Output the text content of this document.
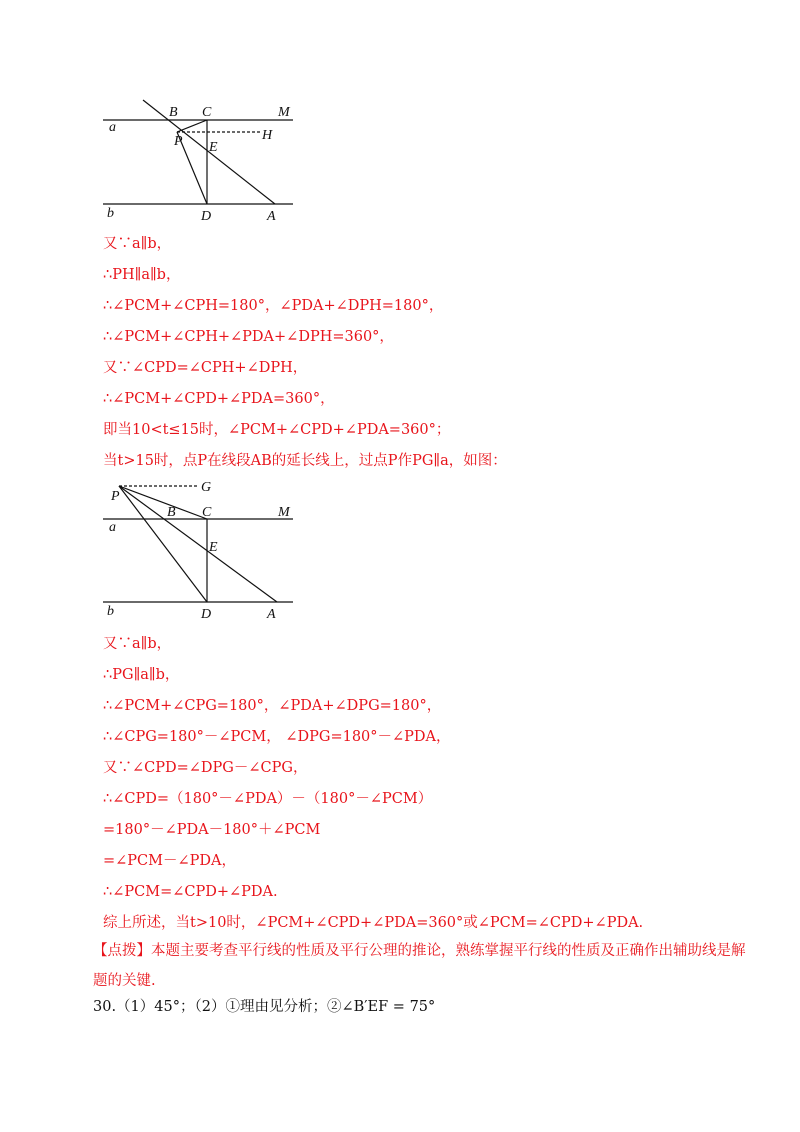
B C	M
a
P	H
E
b	D	A
又∵a∥b，
∴PH∥a∥b，
∴∠PCM+∠CPH=180°，∠PDA+∠DPH=180°，
∴∠PCM+∠CPH+∠PDA+∠DPH=360°，
又∵∠CPD=∠CPH+∠DPH，
∴∠PCM+∠CPD+∠PDA=360°，
即当10<t≤15时，∠PCM+∠CPD+∠PDA=360°；
当t>15时，点P在线段AB的延长线上，过点P作PG∥a，如图：
P
G
B C	M
a
E
b	D	A
又∵a∥b，
∴PG∥a∥b，
∴∠PCM+∠CPG=180°，∠PDA+∠DPG=180°，
∴∠CPG=180°－∠PCM， ∠DPG=180°－∠PDA，
又∵∠CPD=∠DPG－∠CPG，
∴∠CPD=（180°－∠PDA）－（180°－∠PCM）
=180°－∠PDA－180°＋∠PCM
=∠PCM－∠PDA，
∴∠PCM=∠CPD+∠PDA.
综上所述，当t>10时，∠PCM+∠CPD+∠PDA=360°或∠PCM=∠CPD+∠PDA.
【点拨】本题主要考查平行线的性质及平行公理的推论，熟练掌握平行线的性质及正确作出辅助线是解题的关键.
30.（1）45°；（2）①理由见分析；②∠B′EF = 75°
